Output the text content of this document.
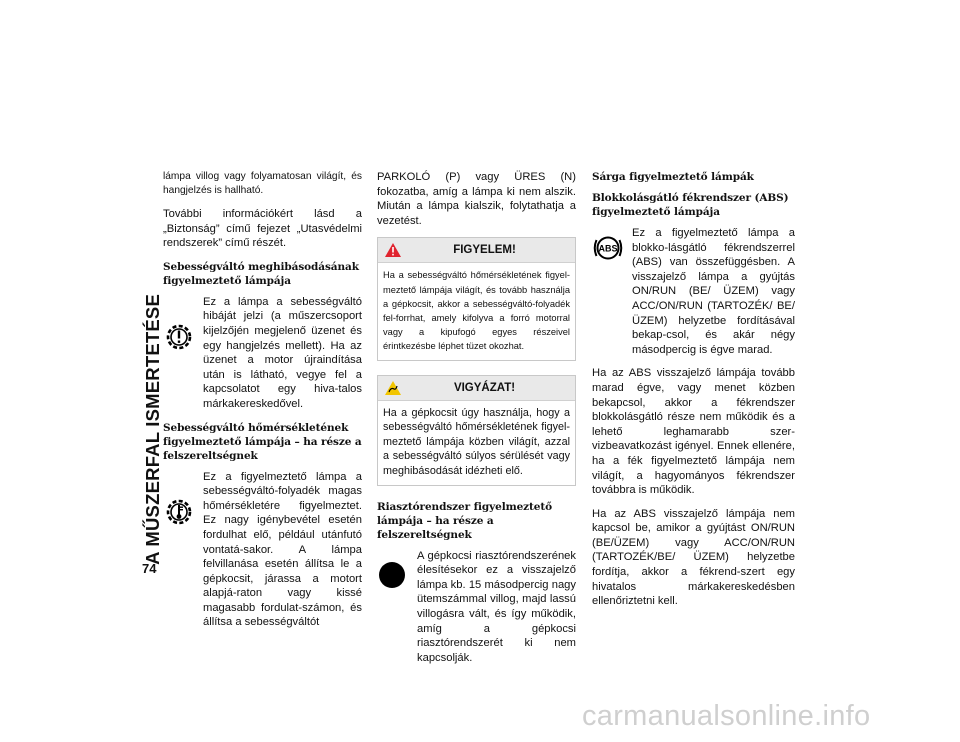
A MŰSZERFAL ISMERTETÉSE
74

lámpa villog vagy folyamatosan világít, és hangjelzés is hallható.

További információkért lásd a „Biztonság” című fejezet „Utasvédelmi rendszerek” című részét.

Sebességváltó meghibásodásának figyelmeztető lámpája

Ez a lámpa a sebességváltó hibáját jelzi (a műszercsoport kijelzőjén megjelenő üzenet és egy hangjelzés mellett). Ha az üzenet a motor újraindítása után is látható, vegye fel a kapcsolatot egy hiva-talos márkakereskedővel.

Sebességváltó hőmérsékletének figyelmeztető lámpája – ha része a felszereltségnek

Ez a figyelmeztető lámpa a sebességváltó-folyadék magas hőmérsékletére figyelmeztet. Ez nagy igénybevétel esetén fordulhat elő, például utánfutó vontatá-sakor. A lámpa felvillanása esetén állítsa le a gépkocsit, járassa a motort alapjá-raton vagy kissé magasabb fordulat-számon, és állítsa a sebességváltót

PARKOLÓ (P) vagy ÜRES (N) fokozatba, amíg a lámpa ki nem alszik. Miután a lámpa kialszik, folytathatja a vezetést.

FIGYELEM!
Ha a sebességváltó hőmérsékletének figyel-meztető lámpája világít, és tovább használja a gépkocsit, akkor a sebességváltó-folyadék fel-forrhat, amely kifolyva a forró motorral vagy a kipufogó egyes részeivel érintkezésbe léphet tüzet okozhat.
VIGYÁZAT!
Ha a gépkocsit úgy használja, hogy a sebességváltó hőmérsékletének figyel-meztető lámpája közben világít, azzal a sebességváltó súlyos sérülését vagy meghibásodását idézheti elő.
Riasztórendszer figyelmeztető lámpája – ha része a felszereltségnek

A gépkocsi riasztórendszerének élesítésekor ez a visszajelző lámpa kb. 15 másodpercig nagy ütemszámmal villog, majd lassú villogásra vált, és így működik, amíg a gépkocsi riasztórendszerét ki nem kapcsolják.

Sárga figyelmeztető lámpák
Blokkolásgátló fékrendszer (ABS) figyelmeztető lámpája
ABS

Ez a figyelmeztető lámpa a blokko-lásgátló fékrendszerrel (ABS) van összefüggésben. A visszajelző lámpa a gyújtás ON/RUN (BE/ ÜZEM) vagy ACC/ON/RUN (TARTOZÉK/ BE/ÜZEM) helyzetbe fordításával bekap-csol, és akár négy másodpercig is égve marad.

Ha az ABS visszajelző lámpája tovább marad égve, vagy menet közben bekapcsol, akkor a fékrendszer blokkolásgátló része nem működik és a lehető leghamarabb szer-vizbeavatkozást igényel. Ennek ellenére, ha a fék figyelmeztető lámpája nem világít, a hagyományos fékrendszer továbbra is működik.

Ha az ABS visszajelző lámpája nem kapcsol be, amikor a gyújtást ON/RUN (BE/ÜZEM) vagy ACC/ON/RUN (TARTOZÉK/BE/ ÜZEM) helyzetbe fordítja, akkor a fékrend-szert egy hivatalos márkakereskedésben ellenőriztetni kell.

carmanualsonline.info
